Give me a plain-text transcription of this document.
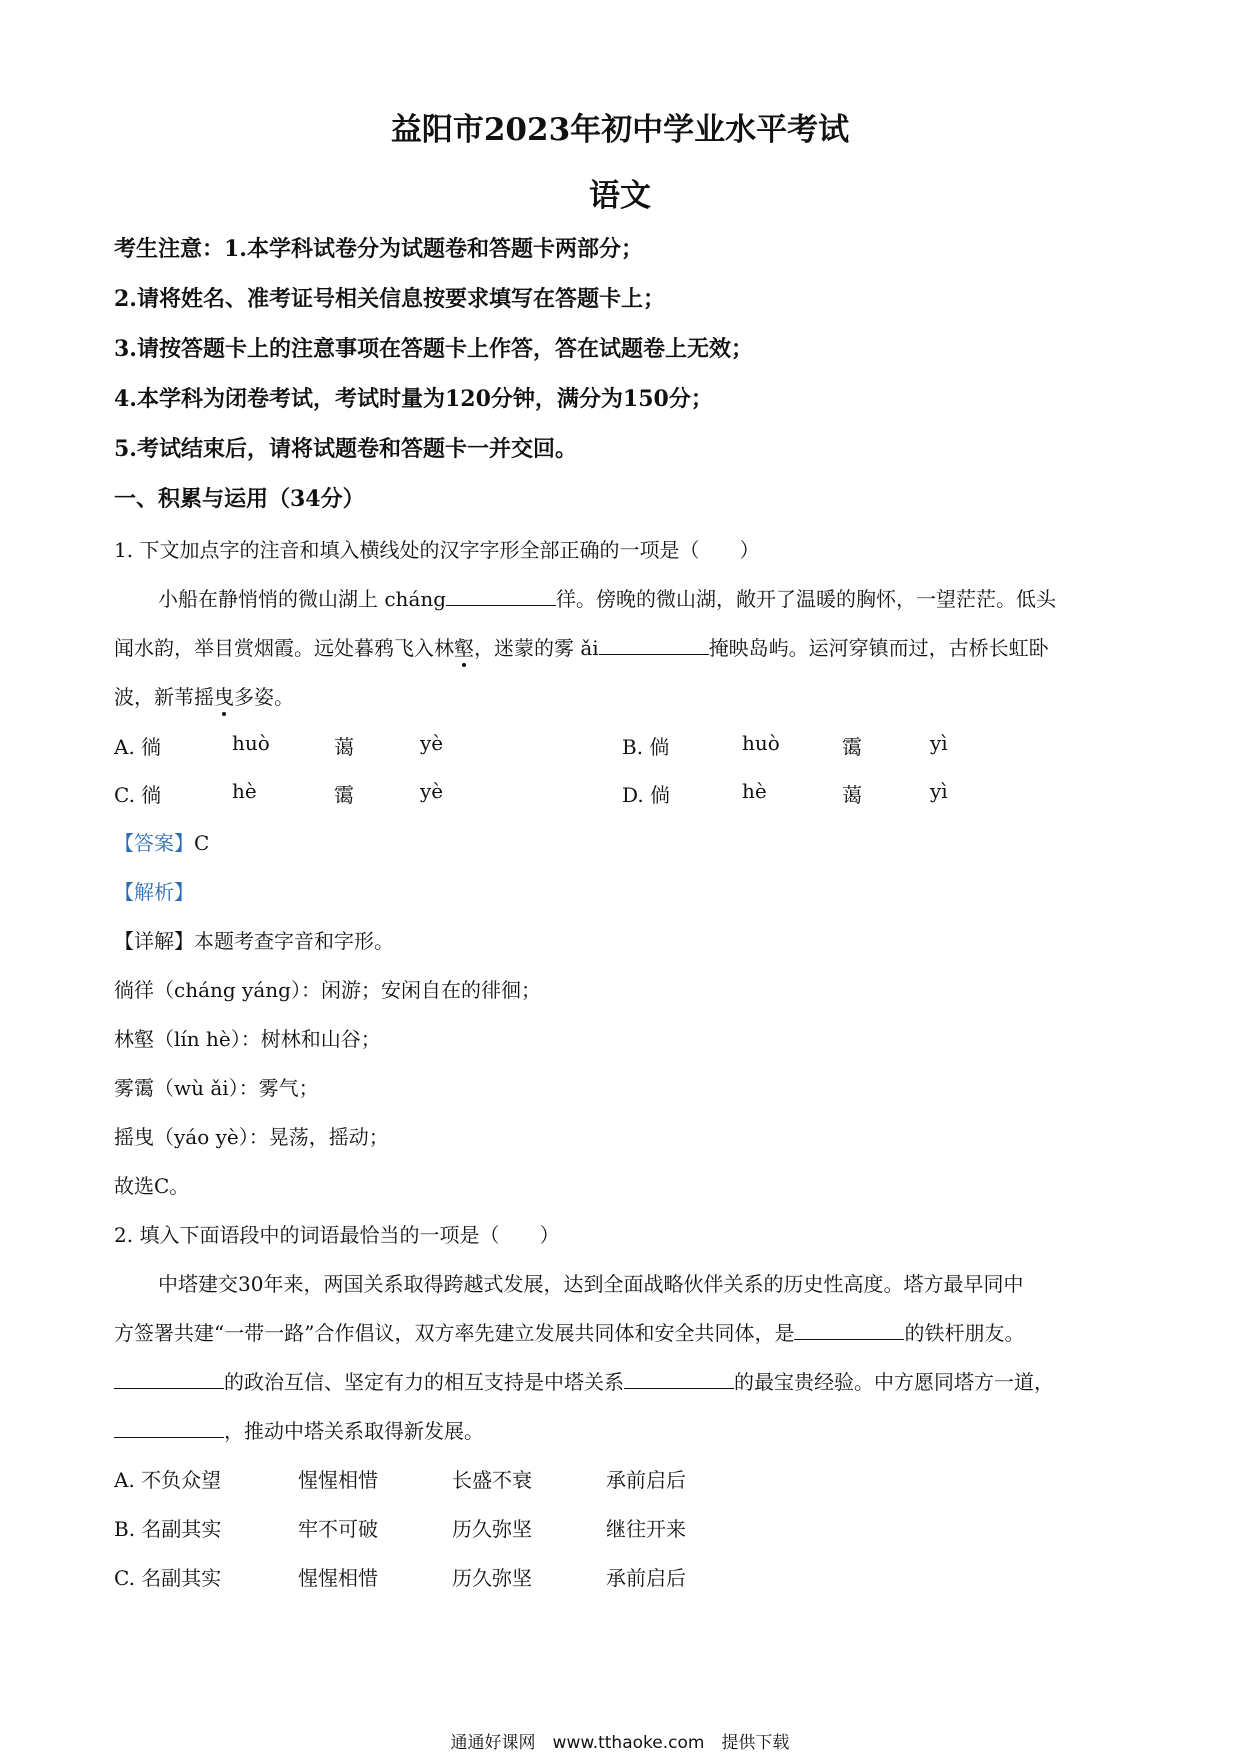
益阳市2023年初中学业水平考试
语文
考生注意：1.本学科试卷分为试题卷和答题卡两部分；
2.请将姓名、准考证号相关信息按要求填写在答题卡上；
3.请按答题卡上的注意事项在答题卡上作答，答在试题卷上无效；
4.本学科为闭卷考试，考试时量为120分钟，满分为150分；
5.考试结束后，请将试题卷和答题卡一并交回。
一、积累与运用（34分）
1. 下文加点字的注音和填入横线处的汉字字形全部正确的一项是（　　）
小船在静悄悄的微山湖上 cháng	徉。傍晚的微山湖，敞开了温暖的胸怀，一望茫茫。低头
闻水韵，举目赏烟霞。远处暮鸦飞入林壑，迷蒙的雾 ǎi	掩映岛屿。运河穿镇而过，古桥长虹卧
波，新苇摇曳多姿。
A. 徜	huò	蔼	yè	B. 倘	huò	霭	yì
C. 徜	hè	霭	yè	D. 倘	hè	蔼	yì
【答案】C
【解析】
【详解】本题考查字音和字形。
徜徉（cháng yáng）：闲游；安闲自在的徘徊；
林壑（lín hè）：树林和山谷；
雾霭（wù ǎi）：雾气；
摇曳（yáo yè）：晃荡，摇动；
故选C。
2. 填入下面语段中的词语最恰当的一项是（　　）
中塔建交30年来，两国关系取得跨越式发展，达到全面战略伙伴关系的历史性高度。塔方最早同中
方签署共建“一带一路”合作倡议，双方率先建立发展共同体和安全共同体，是	的铁杆朋友。
的政治互信、坚定有力的相互支持是中塔关系	的最宝贵经验。中方愿同塔方一道，
，推动中塔关系取得新发展。
A. 不负众望	惺惺相惜	长盛不衰	承前启后
B. 名副其实	牢不可破	历久弥坚	继往开来
C. 名副其实	惺惺相惜	历久弥坚	承前启后
通通好课网　www.tthaoke.com　提供下载
